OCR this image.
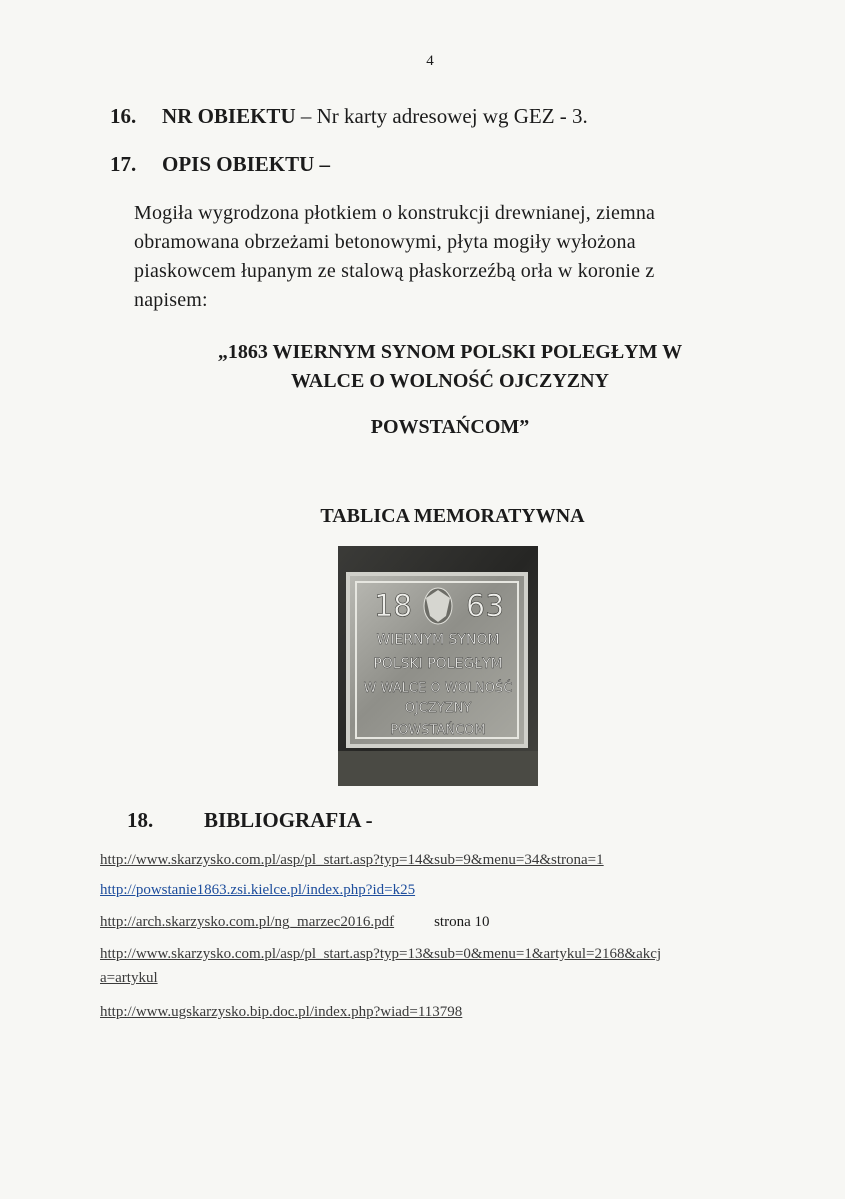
4
16. NR OBIEKTU – Nr karty adresowej wg GEZ - 3.
17. OPIS OBIEKTU –
Mogiła wygrodzona płotkiem o konstrukcji drewnianej, ziemna
obramowana obrzeżami betonowymi, płyta mogiły wyłożona
piaskowcem łupanym ze stalową płaskorzeźbą orła w koronie z
napisem:
„1863 WIERNYM SYNOM POLSKI POLEGŁYM W
WALCE O WOLNOŚĆ OJCZYZNY
POWSTAŃCOM”
TABLICA MEMORATYWNA
18 63
WIERNYM SYNOM
POLSKI POLEGŁYM
W WALCE O WOLNOŚĆ
OJCZYZNY
POWSTAŃCOM
18. BIBLIOGRAFIA -
http://www.skarzysko.com.pl/asp/pl_start.asp?typ=14&sub=9&menu=34&strona=1
http://powstanie1863.zsi.kielce.pl/index.php?id=k25
http://arch.skarzysko.com.pl/ng_marzec2016.pdf	strona 10
http://www.skarzysko.com.pl/asp/pl_start.asp?typ=13&sub=0&menu=1&artykul=2168&akcj
a=artykul
http://www.ugskarzysko.bip.doc.pl/index.php?wiad=113798
